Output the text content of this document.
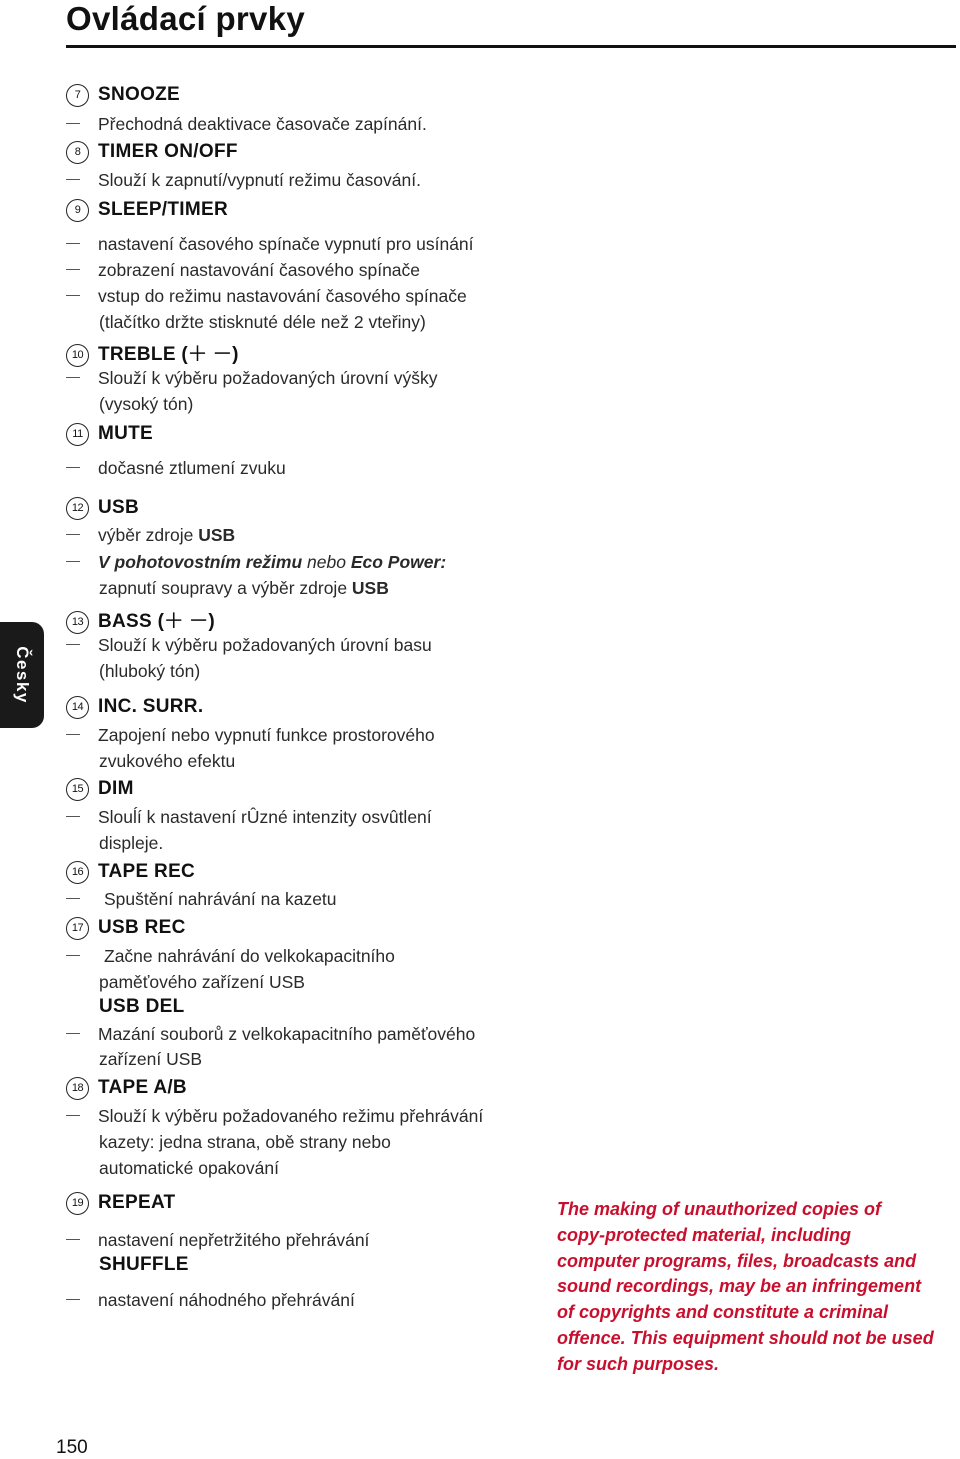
Ovládací prvky
7 SNOOZE
Přechodná deaktivace časovače zapínání.
8 TIMER ON/OFF
Slouží k zapnutí/vypnutí režimu časování.
9 SLEEP/TIMER
nastavení časového spínače vypnutí pro usínání
zobrazení nastavování časového spínače
vstup do režimu nastavování časového spínače
(tlačítko držte stisknuté déle než 2 vteřiny)
10 TREBLE (＋ －)
Slouží k výběru požadovaných úrovní výšky
(vysoký tón)
11 MUTE
dočasné ztlumení zvuku
12 USB
výběr zdroje USB
V pohotovostním režimu nebo Eco Power:
zapnutí soupravy a výběr zdroje USB
13 BASS (＋ －)
Slouží k výběru požadovaných úrovní basu
(hluboký tón)
14 INC. SURR.
Zapojení nebo vypnutí funkce prostorového
zvukového efektu
15 DIM
Slouĺí k nastavení rÛzné intenzity osvûtlení
displeje.
16 TAPE REC
Spuštění nahrávání na kazetu
17 USB REC
Začne nahrávání do velkokapacitního
paměťového zařízení USB
USB DEL
Mazání souborů z velkokapacitního paměťového
zařízení USB
18 TAPE A/B
Slouží k výběru požadovaného režimu přehrávání
kazety: jedna strana, obě strany nebo
automatické opakování
19 REPEAT
nastavení nepřetržitého přehrávání
SHUFFLE
nastavení náhodného přehrávání
Česky
The making of unauthorized copies of
copy-protected material, including
computer programs, files, broadcasts and
sound recordings, may be an infringement
of copyrights and constitute a criminal
offence. This equipment should not be used
for such purposes.
150
